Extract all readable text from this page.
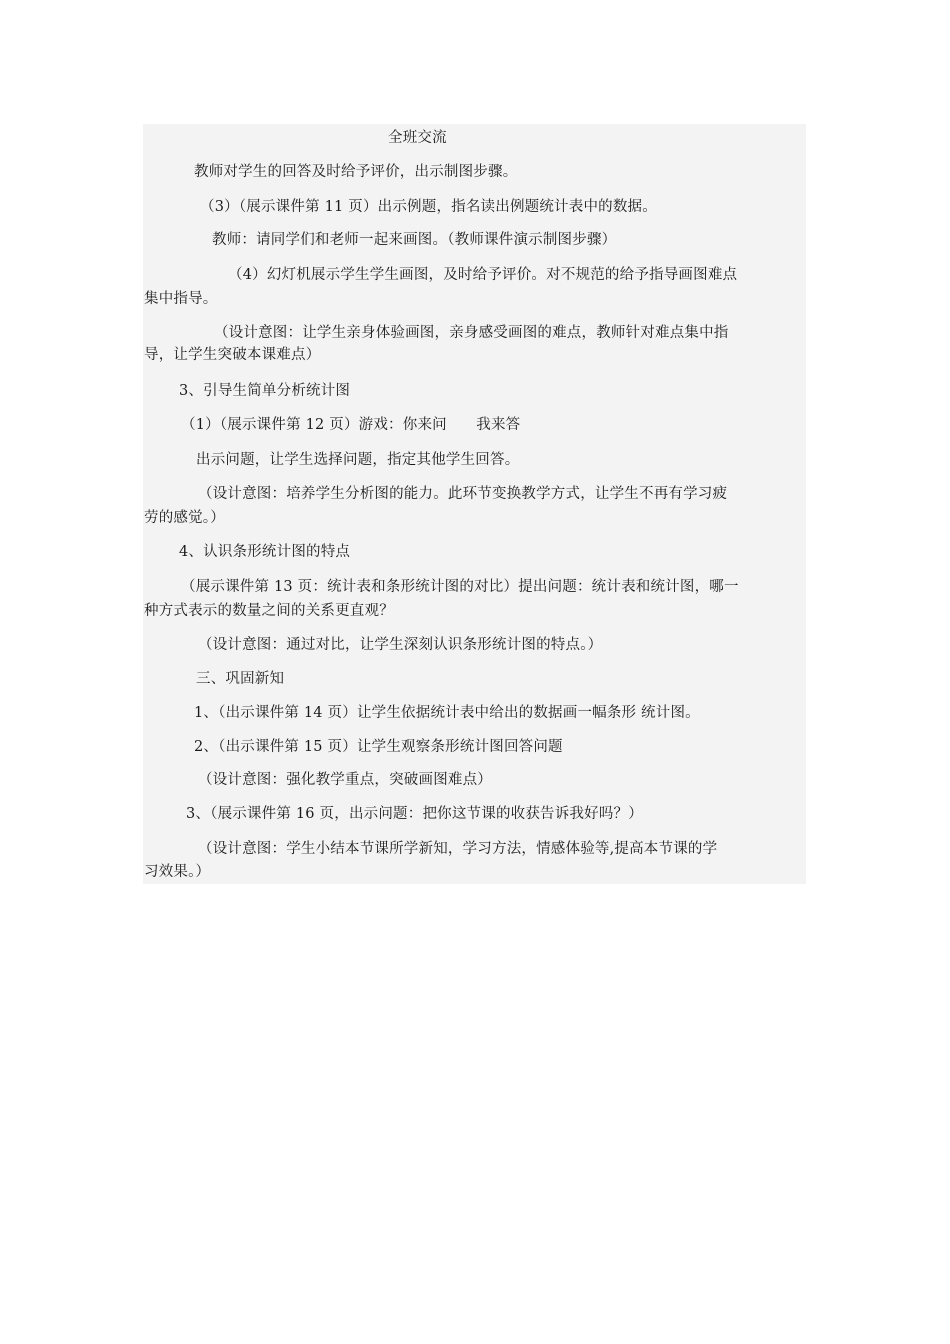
全班交流
教师对学生的回答及时给予评价，出示制图步骤。
（3）（展示课件第 11 页）出示例题，指名读出例题统计表中的数据。
教师：请同学们和老师一起来画图。（教师课件演示制图步骤）
（4）幻灯机展示学生学生画图，及时给予评价。对不规范的给予指导画图难点
集中指导。
（设计意图：让学生亲身体验画图，亲身感受画图的难点，教师针对难点集中指
导，让学生突破本课难点）
3、引导生简单分析统计图
（1）（展示课件第 12 页）游戏：你来问　　我来答
出示问题，让学生选择问题，指定其他学生回答。
（设计意图：培养学生分析图的能力。此环节变换教学方式，让学生不再有学习疲
劳的感觉。）
4、认识条形统计图的特点
（展示课件第 13 页：统计表和条形统计图的对比）提出问题：统计表和统计图，哪一
种方式表示的数量之间的关系更直观？
（设计意图：通过对比，让学生深刻认识条形统计图的特点。）
三、巩固新知
1、（出示课件第 14 页）让学生依据统计表中给出的数据画一幅条形 统计图。
2、（出示课件第 15 页）让学生观察条形统计图回答问题
（设计意图：强化教学重点，突破画图难点）
3、（展示课件第 16 页，出示问题：把你这节课的收获告诉我好吗？）
（设计意图：学生小结本节课所学新知，学习方法，情感体验等,提高本节课的学
习效果。）
